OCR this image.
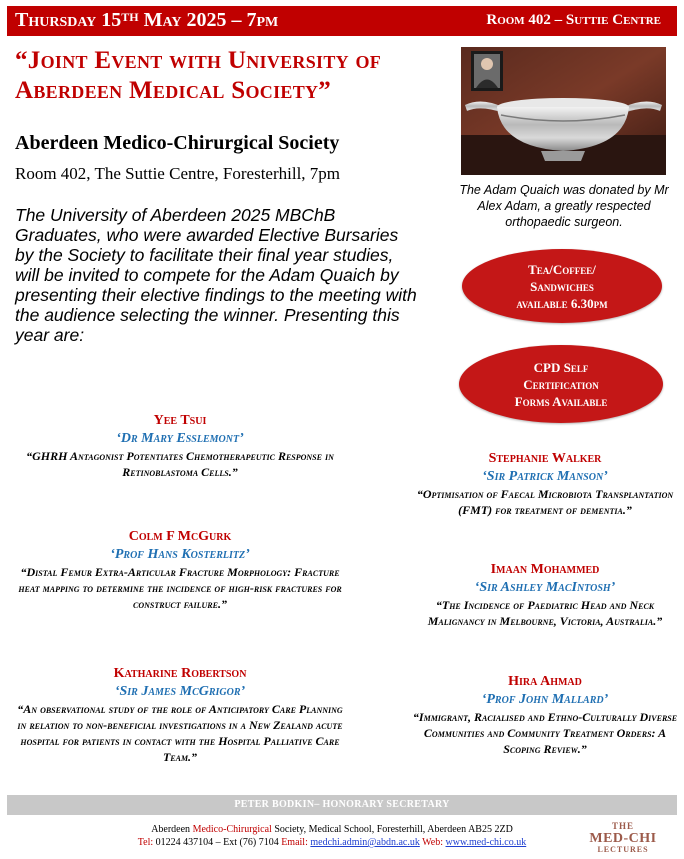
Thursday 15TH May 2025 – 7pm	Room 402 – Suttie Centre
“Joint Event with University of Aberdeen Medical Society”
Aberdeen Medico-Chirurgical Society
Room 402, The Suttie Centre, Foresterhill, 7pm
The University of Aberdeen 2025 MBChB Graduates, who were awarded Elective Bursaries by the Society to facilitate their final year studies, will be invited to compete for the Adam Quaich by presenting their elective findings to the meeting with the audience selecting the winner. Presenting this year are:
The Adam Quaich was donated by Mr Alex Adam, a greatly respected orthopaedic surgeon.
Tea/Coffee/
Sandwiches
available 6.30pm
CPD Self
Certification
Forms Available
Yee Tsui
‘Dr Mary Esslemont’
“GHRH Antagonist Potentiates Chemotherapeutic Response in Retinoblastoma Cells.”
Colm F McGurk
‘Prof Hans Kosterlitz’
“Distal Femur Extra-Articular Fracture Morphology: Fracture heat mapping to determine the incidence of high-risk fractures for construct failure.”
Katharine Robertson
‘Sir James McGrigor’
“An observational study of the role of Anticipatory Care Planning in relation to non-beneficial investigations in a New Zealand acute hospital for patients in contact with the Hospital Palliative Care Team.”
Stephanie Walker
‘Sir Patrick Manson’
“Optimisation of Faecal Microbiota Transplantation (FMT) for treatment of dementia.”
Imaan Mohammed
‘Sir Ashley MacIntosh’
“The Incidence of Paediatric Head and Neck Malignancy in Melbourne, Victoria, Australia.”
Hira Ahmad
‘Prof John Mallard’
“Immigrant, Racialised and Ethno-Culturally Diverse Communities and Community Treatment Orders: A Scoping Review.”
PETER BODKIN– HONORARY SECRETARY
Aberdeen Medico-Chirurgical Society, Medical School, Foresterhill, Aberdeen AB25 2ZD
Tel: 01224 437104 – Ext (76) 7104 Email: medchi.admin@abdn.ac.uk Web: www.med-chi.co.uk
THE
MED-CHI
LECTURES
